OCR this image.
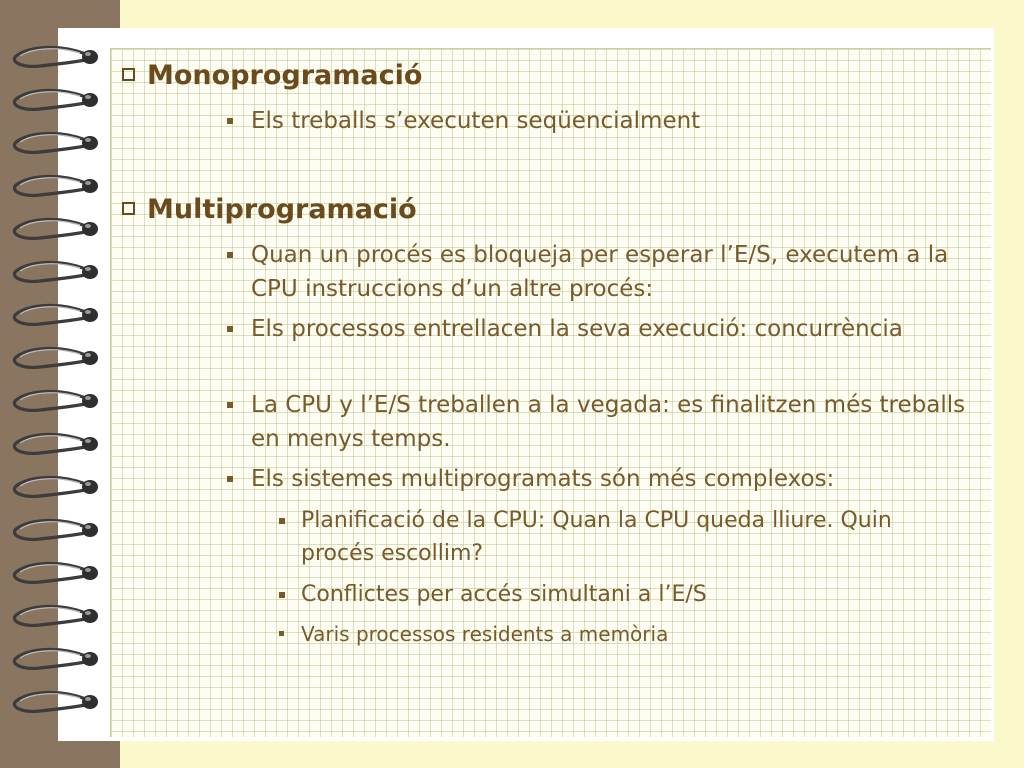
Monoprogramació
Els treballs s’executen seqüencialment
Multiprogramació
Quan un procés es bloqueja per esperar l’E/S, executem a la CPU instruccions d’un altre procés:
Els processos entrellacen la seva execució: concurrència
La CPU y l’E/S treballen a la vegada: es finalitzen més treballs en menys temps.
Els sistemes multiprogramats són més complexos:
Planificació de la CPU: Quan la CPU queda lliure. Quin procés escollim?
Conflictes per accés simultani a l’E/S
Varis processos residents a memòria
